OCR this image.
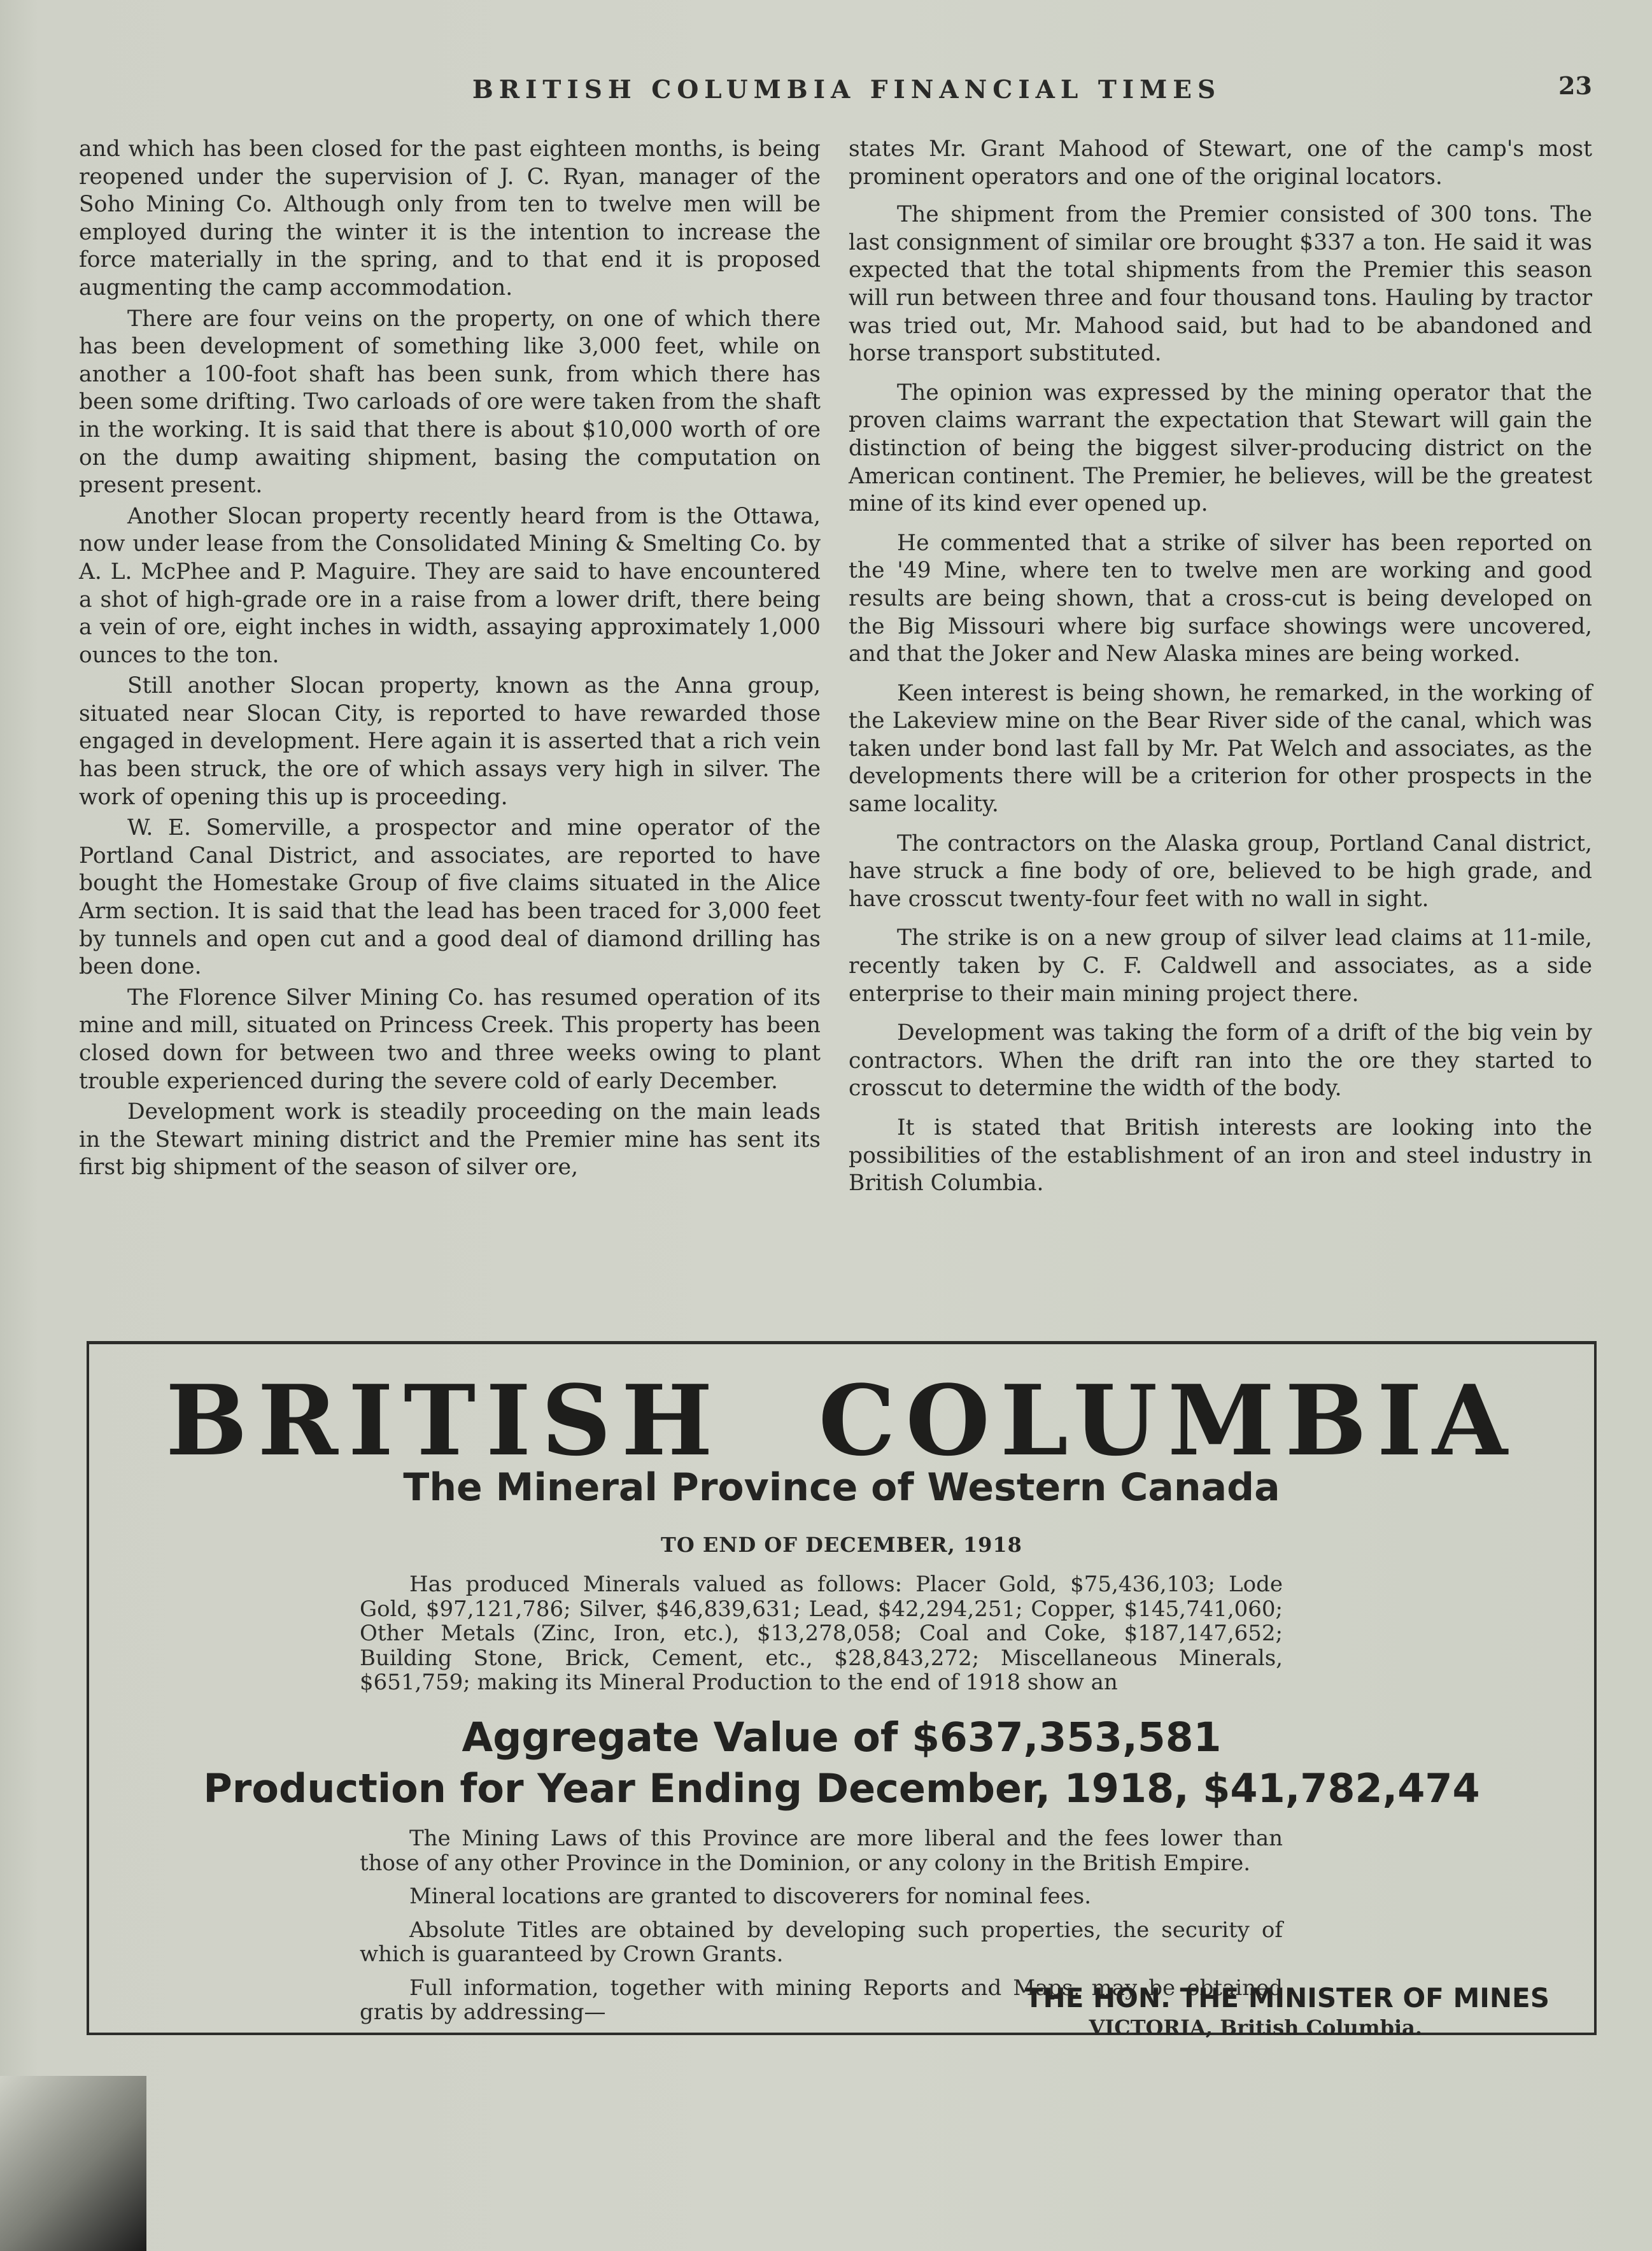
BRITISH COLUMBIA FINANCIAL TIMES	23

and which has been closed for the past eighteen months, is being reopened under the supervision of J. C. Ryan, manager of the Soho Mining Co. Although only from ten to twelve men will be employed during the winter it is the intention to increase the force materially in the spring, and to that end it is proposed augmenting the camp accommodation.

There are four veins on the property, on one of which there has been development of something like 3,000 feet, while on another a 100-foot shaft has been sunk, from which there has been some drifting. Two carloads of ore were taken from the shaft in the working. It is said that there is about $10,000 worth of ore on the dump awaiting shipment, basing the computation on present present.

Another Slocan property recently heard from is the Ottawa, now under lease from the Consolidated Mining & Smelting Co. by A. L. McPhee and P. Maguire. They are said to have encountered a shot of high-grade ore in a raise from a lower drift, there being a vein of ore, eight inches in width, assaying approximately 1,000 ounces to the ton.

Still another Slocan property, known as the Anna group, situated near Slocan City, is reported to have rewarded those engaged in development. Here again it is asserted that a rich vein has been struck, the ore of which assays very high in silver. The work of opening this up is proceeding.

W. E. Somerville, a prospector and mine operator of the Portland Canal District, and associates, are reported to have bought the Homestake Group of five claims situated in the Alice Arm section. It is said that the lead has been traced for 3,000 feet by tunnels and open cut and a good deal of diamond drilling has been done.

The Florence Silver Mining Co. has resumed operation of its mine and mill, situated on Princess Creek. This property has been closed down for between two and three weeks owing to plant trouble experienced during the severe cold of early December.

Development work is steadily proceeding on the main leads in the Stewart mining district and the Premier mine has sent its first big shipment of the season of silver ore,

states Mr. Grant Mahood of Stewart, one of the camp's most prominent operators and one of the original locators.

The shipment from the Premier consisted of 300 tons. The last consignment of similar ore brought $337 a ton. He said it was expected that the total shipments from the Premier this season will run between three and four thousand tons. Hauling by tractor was tried out, Mr. Mahood said, but had to be abandoned and horse transport substituted.

The opinion was expressed by the mining operator that the proven claims warrant the expectation that Stewart will gain the distinction of being the biggest silver-producing district on the American continent. The Premier, he believes, will be the greatest mine of its kind ever opened up.

He commented that a strike of silver has been reported on the '49 Mine, where ten to twelve men are working and good results are being shown, that a cross-cut is being developed on the Big Missouri where big surface showings were uncovered, and that the Joker and New Alaska mines are being worked.

Keen interest is being shown, he remarked, in the working of the Lakeview mine on the Bear River side of the canal, which was taken under bond last fall by Mr. Pat Welch and associates, as the developments there will be a criterion for other prospects in the same locality.

The contractors on the Alaska group, Portland Canal district, have struck a fine body of ore, believed to be high grade, and have crosscut twenty-four feet with no wall in sight.

The strike is on a new group of silver lead claims at 11-mile, recently taken by C. F. Caldwell and associates, as a side enterprise to their main mining project there.

Development was taking the form of a drift of the big vein by contractors. When the drift ran into the ore they started to crosscut to determine the width of the body.

It is stated that British interests are looking into the possibilities of the establishment of an iron and steel industry in British Columbia.

BRITISH COLUMBIA
The Mineral Province of Western Canada
TO END OF DECEMBER, 1918

Has produced Minerals valued as follows: Placer Gold, $75,436,103; Lode Gold, $97,121,786; Silver, $46,839,631; Lead, $42,294,251; Copper, $145,741,060; Other Metals (Zinc, Iron, etc.), $13,278,058; Coal and Coke, $187,147,652; Building Stone, Brick, Cement, etc., $28,843,272; Miscellaneous Minerals, $651,759; making its Mineral Production to the end of 1918 show an

Aggregate Value of $637,353,581
Production for Year Ending December, 1918, $41,782,474

The Mining Laws of this Province are more liberal and the fees lower than those of any other Province in the Dominion, or any colony in the British Empire.

Mineral locations are granted to discoverers for nominal fees.

Absolute Titles are obtained by developing such properties, the security of which is guaranteed by Crown Grants.

Full information, together with mining Reports and Maps, may be obtained gratis by addressing—	THE HON. THE MINISTER OF MINES
VICTORIA, British Columbia.
